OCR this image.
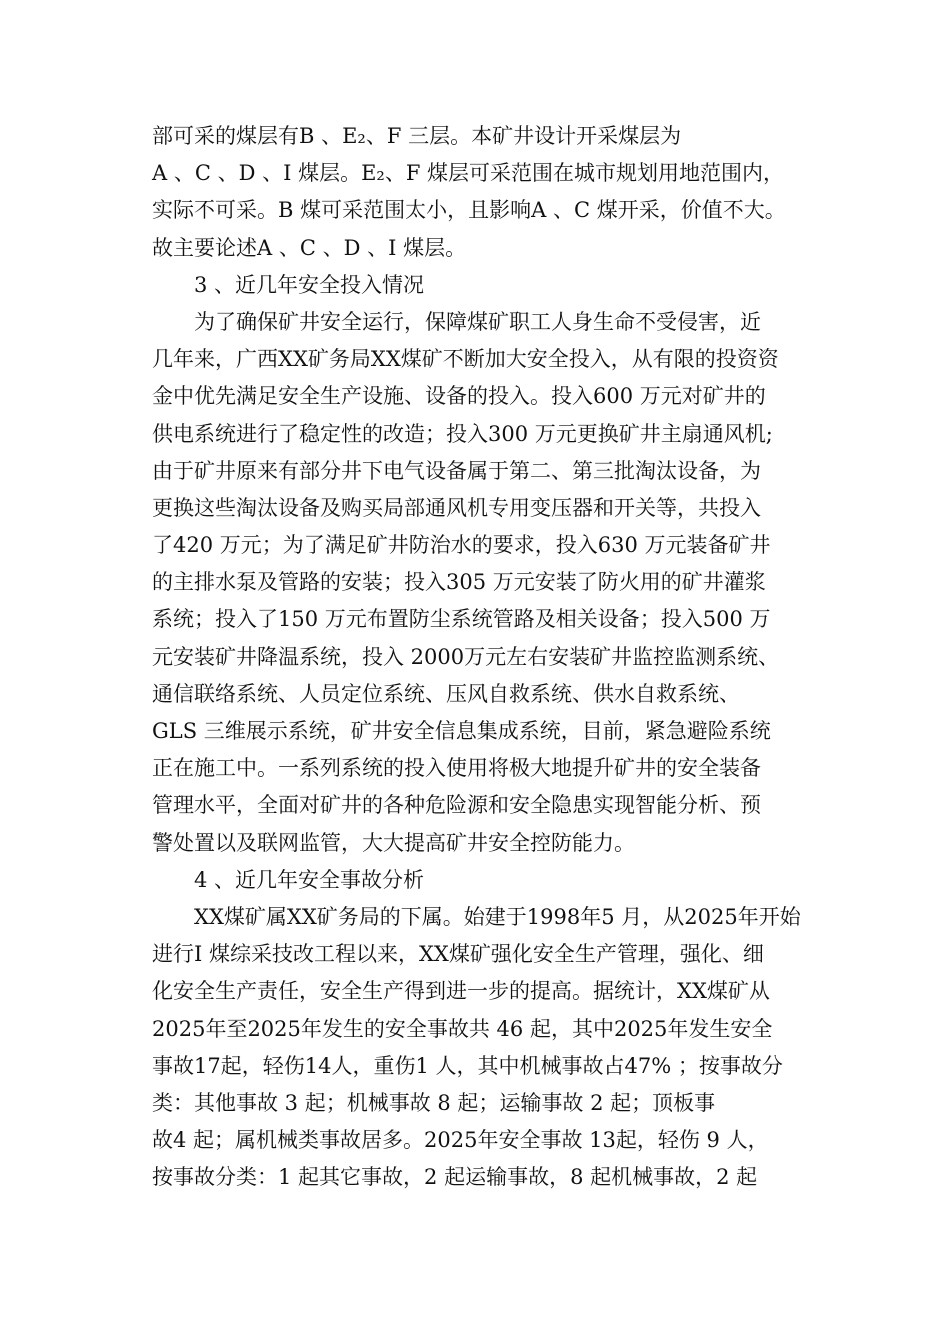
部可采的煤层有B 、E₂、F 三层。本矿井设计开采煤层为
A 、C 、D 、I 煤层。E₂、F 煤层可采范围在城市规划用地范围内，
实际不可采。B 煤可采范围太小，且影响A 、C 煤开采，价值不大。
故主要论述A 、C 、D 、I 煤层。
3 、近几年安全投入情况
为了确保矿井安全运行，保障煤矿职工人身生命不受侵害，近
几年来，广西XX矿务局XX煤矿不断加大安全投入，从有限的投资资
金中优先满足安全生产设施、设备的投入。投入600 万元对矿井的
供电系统进行了稳定性的改造；投入300 万元更换矿井主扇通风机;
由于矿井原来有部分井下电气设备属于第二、第三批淘汰设备，为
更换这些淘汰设备及购买局部通风机专用变压器和开关等，共投入
了420 万元；为了满足矿井防治水的要求，投入630 万元装备矿井
的主排水泵及管路的安装；投入305 万元安装了防火用的矿井灌浆
系统；投入了150 万元布置防尘系统管路及相关设备；投入500 万
元安装矿井降温系统，投入 2000万元左右安装矿井监控监测系统、
通信联络系统、人员定位系统、压风自救系统、供水自救系统、
GLS 三维展示系统，矿井安全信息集成系统，目前，紧急避险系统
正在施工中。一系列系统的投入使用将极大地提升矿井的安全装备
管理水平，全面对矿井的各种危险源和安全隐患实现智能分析、预
警处置以及联网监管，大大提高矿井安全控防能力。
4 、近几年安全事故分析
XX煤矿属XX矿务局的下属。始建于1998年5 月，从2025年开始
进行I 煤综采技改工程以来，XX煤矿强化安全生产管理，强化、细
化安全生产责任，安全生产得到进一步的提高。据统计，XX煤矿从
2025年至2025年发生的安全事故共 46 起，其中2025年发生安全
事故17起，轻伤14人，重伤1 人，其中机械事故占47% ；按事故分
类：其他事故 3 起；机械事故 8 起；运输事故 2 起；顶板事
故4 起；属机械类事故居多。2025年安全事故 13起，轻伤 9 人，
按事故分类：1 起其它事故，2 起运输事故，8 起机械事故，2 起
